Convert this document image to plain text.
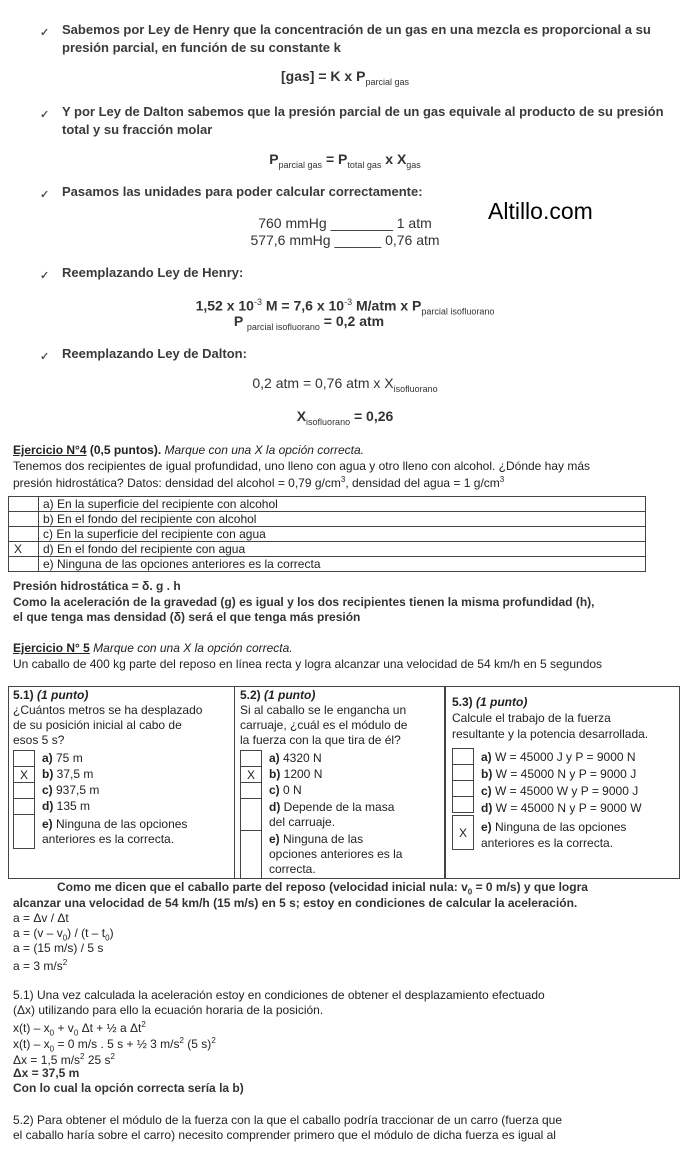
✓ Sabemos por Ley de Henry que la concentración de un gas en una mezcla es proporcional a su presión parcial, en función de su constante k
✓ Y por Ley de Dalton sabemos que la presión parcial de un gas equivale al producto de su presión total y su fracción molar
✓ Pasamos las unidades para poder calcular correctamente:
✓ Reemplazando Ley de Henry:
✓ Reemplazando Ley de Dalton:
[gas] = K x $P_{parcial gas}$
$P_{parcial gas} = P_{total gas}$ x $X_{gas}$
760 mmHg ________ 1 atm
577,6 mmHg ______ 0,76 atm
Altillo.com
1,52 x $10^{-3}$ M = 7,6 x $10^{-3}$ M/atm x $P_{parcial isofluorano}$
P $_{parcial isofluorano}$ = 0,2 atm
0,2 atm = 0,76 atm x $X_{isofluorano}$
$X_{isofluorano} = 0,26$
Ejercicio N°4 (0,5 puntos). Marque con una X la opción correcta.
Tenemos dos recipientes de igual profundidad, uno lleno con agua y otro lleno con alcohol. ¿Dónde hay más
presión hidrostática? Datos: densidad del alcohol = 0,79 $g/cm^3$, densidad del agua = 1 $g/cm^3$
	a) En la superficie del recipiente con alcohol
	b) En el fondo del recipiente con alcohol
	c) En la superficie del recipiente con agua
X	d) En el fondo del recipiente con agua
	e) Ninguna de las opciones anteriores es la correcta
Presión hidrostática = δ. g . h
Como la aceleración de la gravedad (g) es igual y los dos recipientes tienen la misma profundidad (h),
el que tenga mas densidad (δ) será el que tenga más presión
Ejercicio N° 5 Marque con una X la opción correcta.
Un caballo de 400 kg parte del reposo en línea recta y logra alcanzar una velocidad de 54 km/h en 5 segundos
5.1) (1 punto)
¿Cuántos metros se ha desplazado
de su posición inicial al cabo de
esos 5 s?
a) 75 m
X	b) 37,5 m
c) 937,5 m
d) 135 m
e) Ninguna de las opciones
anteriores es la correcta.
5.2) (1 punto)
Si al caballo se le engancha un
carruaje, ¿cuál es el módulo de
la fuerza con la que tira de él?
a) 4320 N
X	b) 1200 N
c) 0 N
d) Depende de la masa
del carruaje.
e) Ninguna de las
opciones anteriores es la
correcta.
5.3) (1 punto)
Calcule el trabajo de la fuerza
resultante y la potencia desarrollada.
a) W = 45000 J y P = 9000 N
b) W = 45000 N y P = 9000 J
c) W = 45000 W y P = 9000 J
d) W = 45000 N y P = 9000 W
X	e) Ninguna de las opciones
anteriores es la correcta.
Como me dicen que el caballo parte del reposo (velocidad inicial nula: $v_0 = 0$ m/s) y que logra
alcanzar una velocidad de 54 km/h (15 m/s) en 5 s; estoy en condiciones de calcular la aceleración.
a = Δv / Δt
$a = (v - v_0) / (t - t_0)$
a = (15 m/s) / 5 s
a = 3 $m/s^2$
5.1) Una vez calculada la aceleración estoy en condiciones de obtener el desplazamiento efectuado
(Δx) utilizando para ello la ecuación horaria de la posición.
$x(t) - x_0 + v_0$ Δt + ½ a $\Delta t^2$
$x(t) - x_0 = 0$ m/s . 5 s + ½ 3 $m/s^2$ (5 s)$^2$
Δx = 1,5 $m/s^2$ 25 $s^2$
Δx = 37,5 m
Con lo cual la opción correcta sería la b)
5.2) Para obtener el módulo de la fuerza con la que el caballo podría traccionar de un carro (fuerza que
el caballo haría sobre el carro) necesito comprender primero que el módulo de dicha fuerza es igual al
